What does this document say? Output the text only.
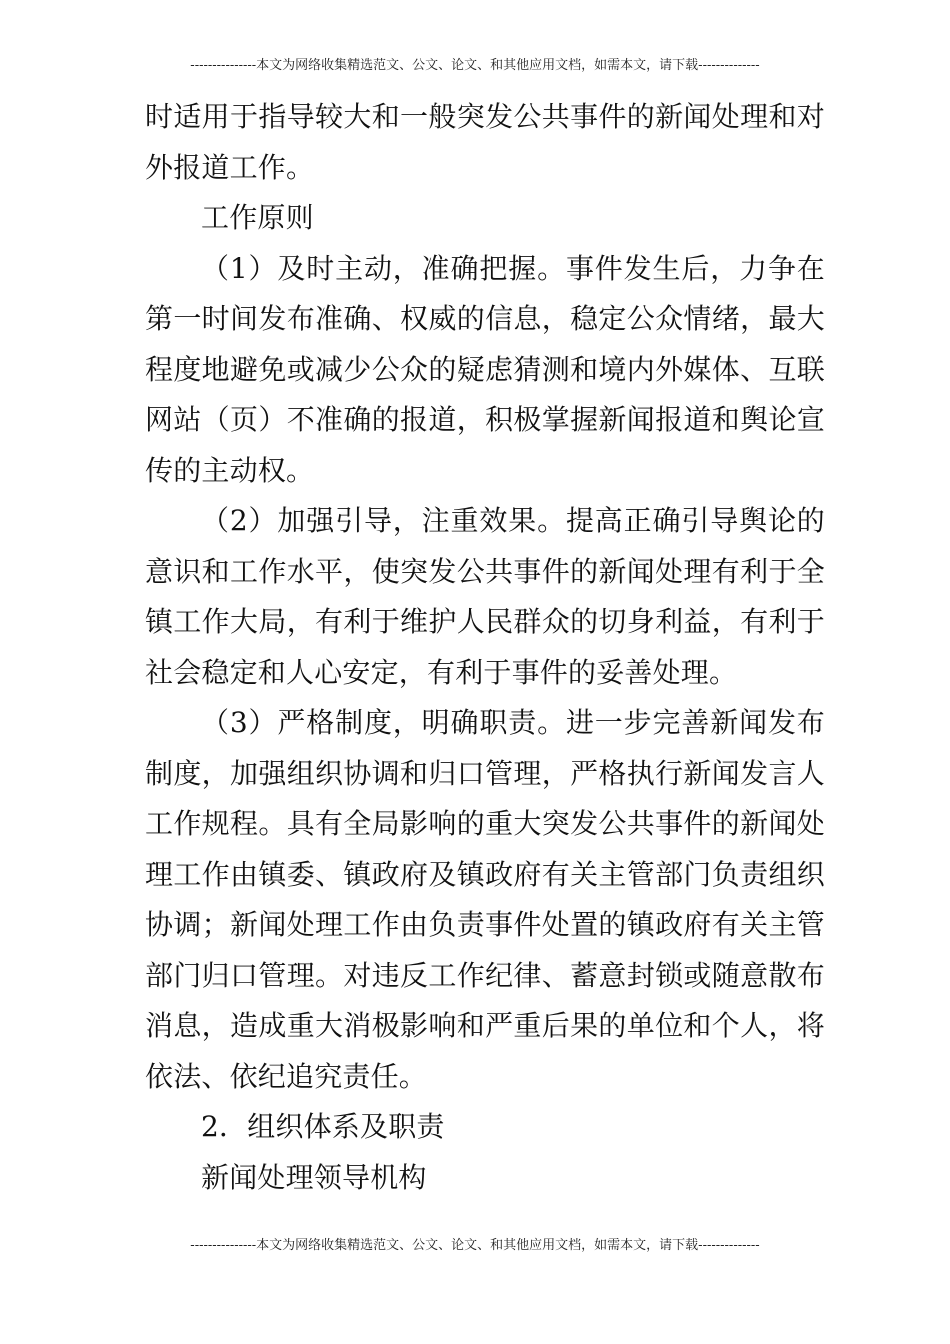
---------------本文为网络收集精选范文、公文、论文、和其他应用文档，如需本文，请下载--------------

时适用于指导较大和一般突发公共事件的新闻处理和对外报道工作。

工作原则

（1）及时主动，准确把握。事件发生后，力争在第一时间发布准确、权威的信息，稳定公众情绪，最大程度地避免或减少公众的疑虑猜测和境内外媒体、互联网站（页）不准确的报道，积极掌握新闻报道和舆论宣传的主动权。

（2）加强引导，注重效果。提高正确引导舆论的意识和工作水平，使突发公共事件的新闻处理有利于全镇工作大局，有利于维护人民群众的切身利益，有利于社会稳定和人心安定，有利于事件的妥善处理。

（3）严格制度，明确职责。进一步完善新闻发布制度，加强组织协调和归口管理，严格执行新闻发言人工作规程。具有全局影响的重大突发公共事件的新闻处理工作由镇委、镇政府及镇政府有关主管部门负责组织协调；新闻处理工作由负责事件处置的镇政府有关主管部门归口管理。对违反工作纪律、蓄意封锁或随意散布消息，造成重大消极影响和严重后果的单位和个人，将依法、依纪追究责任。

2．组织体系及职责

新闻处理领导机构

---------------本文为网络收集精选范文、公文、论文、和其他应用文档，如需本文，请下载--------------
